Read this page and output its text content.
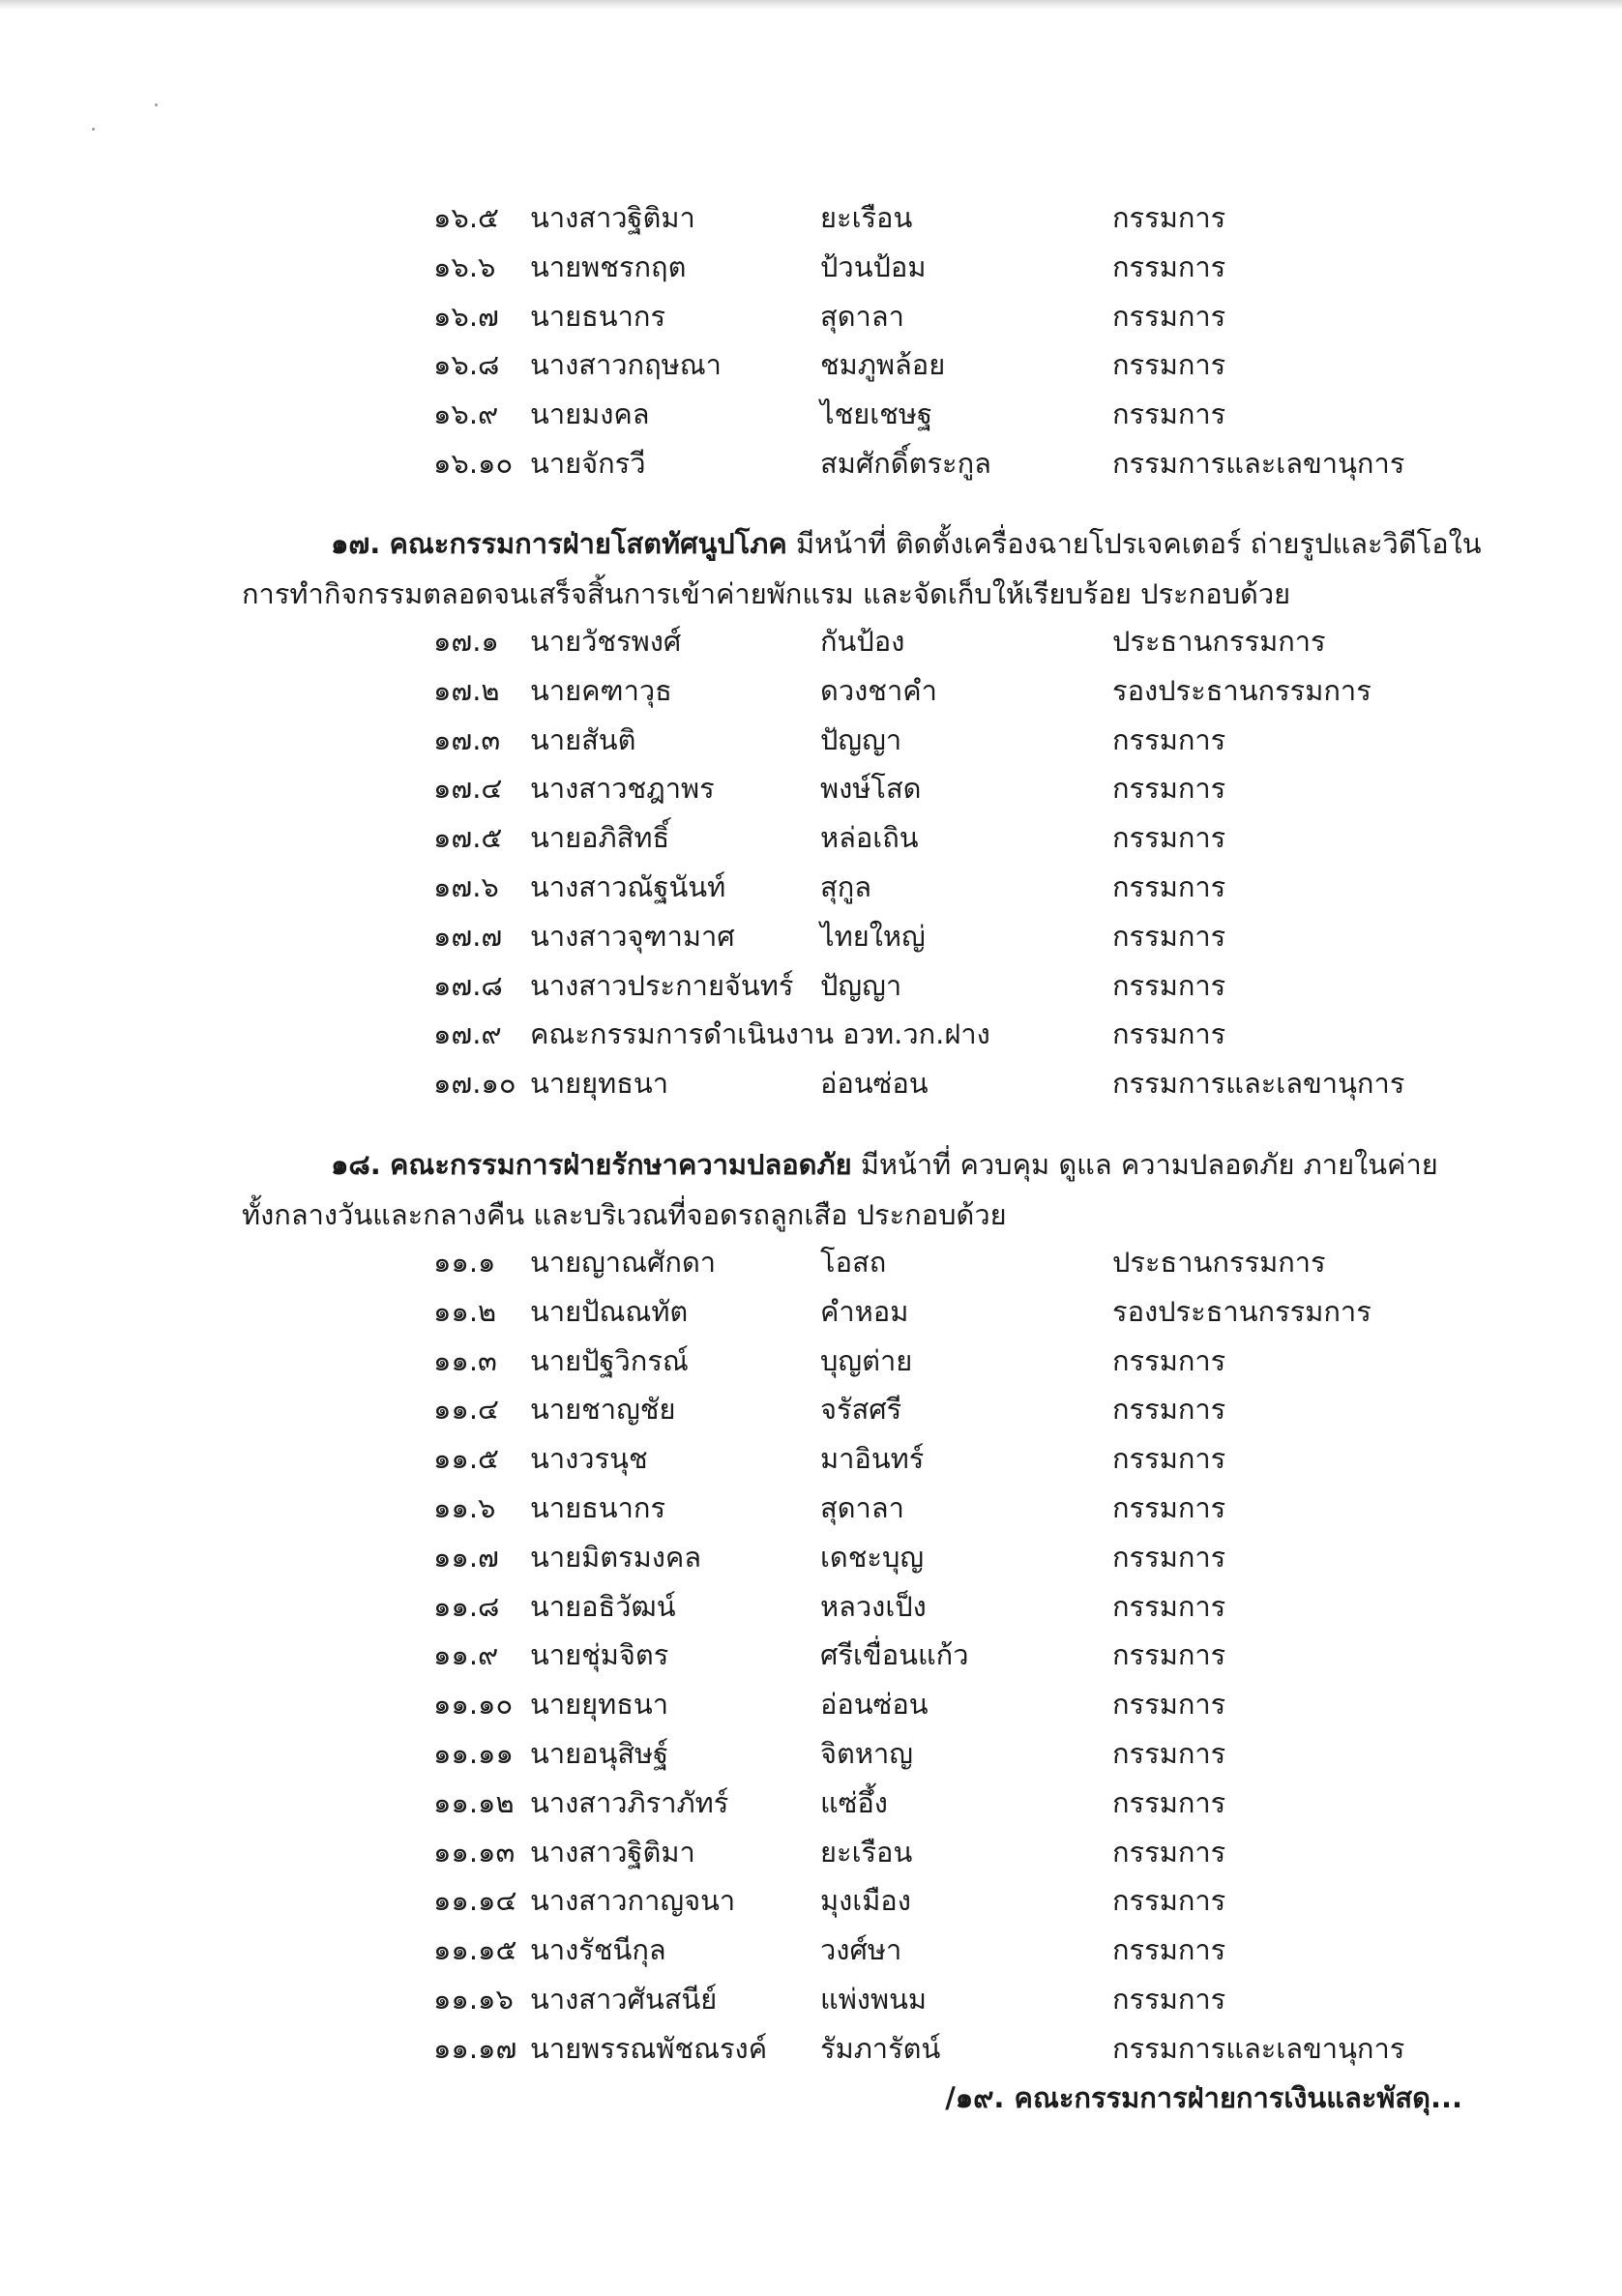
๑๖.๕ นางสาวฐิติมา	ยะเรือน	กรรมการ
๑๖.๖ นายพชรกฤต	ป้วนป้อม	กรรมการ
๑๖.๗ นายธนากร	สุดาลา	กรรมการ
๑๖.๘ นางสาวกฤษณา	ชมภูพล้อย	กรรมการ
๑๖.๙ นายมงคล	ไชยเชษฐ	กรรมการ
๑๖.๑๐ นายจักรวี	สมศักดิ์ตระกูล	กรรมการและเลขานุการ
๑๗. คณะกรรมการฝ่ายโสตทัศนูปโภค มีหน้าที่ ติดตั้งเครื่องฉายโปรเจคเตอร์ ถ่ายรูปและวิดีโอใน
การทำกิจกรรมตลอดจนเสร็จสิ้นการเข้าค่ายพักแรม และจัดเก็บให้เรียบร้อย ประกอบด้วย
๑๗.๑ นายวัชรพงศ์	กันป้อง	ประธานกรรมการ
๑๗.๒ นายคฑาวุธ	ดวงชาคำ	รองประธานกรรมการ
๑๗.๓ นายสันติ	ปัญญา	กรรมการ
๑๗.๔ นางสาวชฎาพร	พงษ์โสด	กรรมการ
๑๗.๕ นายอภิสิทธิ์	หล่อเถิน	กรรมการ
๑๗.๖ นางสาวณัฐนันท์	สุกูล	กรรมการ
๑๗.๗ นางสาวจุฑามาศ	ไทยใหญ่	กรรมการ
๑๗.๘ นางสาวประกายจันทร์ ปัญญา	กรรมการ
๑๗.๙ คณะกรรมการดำเนินงาน อวท.วก.ฝาง	กรรมการ
๑๗.๑๐ นายยุทธนา	อ่อนซ่อน	กรรมการและเลขานุการ
๑๘. คณะกรรมการฝ่ายรักษาความปลอดภัย มีหน้าที่ ควบคุม ดูแล ความปลอดภัย ภายในค่าย
ทั้งกลางวันและกลางคืน และบริเวณที่จอดรถลูกเสือ ประกอบด้วย
๑๑.๑ นายญาณศักดา	โอสถ	ประธานกรรมการ
๑๑.๒ นายปัณณทัต	คำหอม	รองประธานกรรมการ
๑๑.๓ นายปัฐวิกรณ์	บุญต่าย	กรรมการ
๑๑.๔ นายชาญชัย	จรัสศรี	กรรมการ
๑๑.๕ นางวรนุช	มาอินทร์	กรรมการ
๑๑.๖ นายธนากร	สุดาลา	กรรมการ
๑๑.๗ นายมิตรมงคล	เดชะบุญ	กรรมการ
๑๑.๘ นายอธิวัฒน์	หลวงเป็ง	กรรมการ
๑๑.๙ นายชุ่มจิตร	ศรีเขื่อนแก้ว	กรรมการ
๑๑.๑๐ นายยุทธนา	อ่อนซ่อน	กรรมการ
๑๑.๑๑ นายอนุสิษฐ์	จิตหาญ	กรรมการ
๑๑.๑๒ นางสาวภิราภัทร์	แซ่อึ้ง	กรรมการ
๑๑.๑๓ นางสาวฐิติมา	ยะเรือน	กรรมการ
๑๑.๑๔ นางสาวกาญจนา	มุงเมือง	กรรมการ
๑๑.๑๕ นางรัชนีกุล	วงศ์ษา	กรรมการ
๑๑.๑๖ นางสาวศันสนีย์	แพ่งพนม	กรรมการ
๑๑.๑๗ นายพรรณพัชณรงค์ รัมภารัตน์	กรรมการและเลขานุการ
/๑๙. คณะกรรมการฝ่ายการเงินและพัสดุ...
